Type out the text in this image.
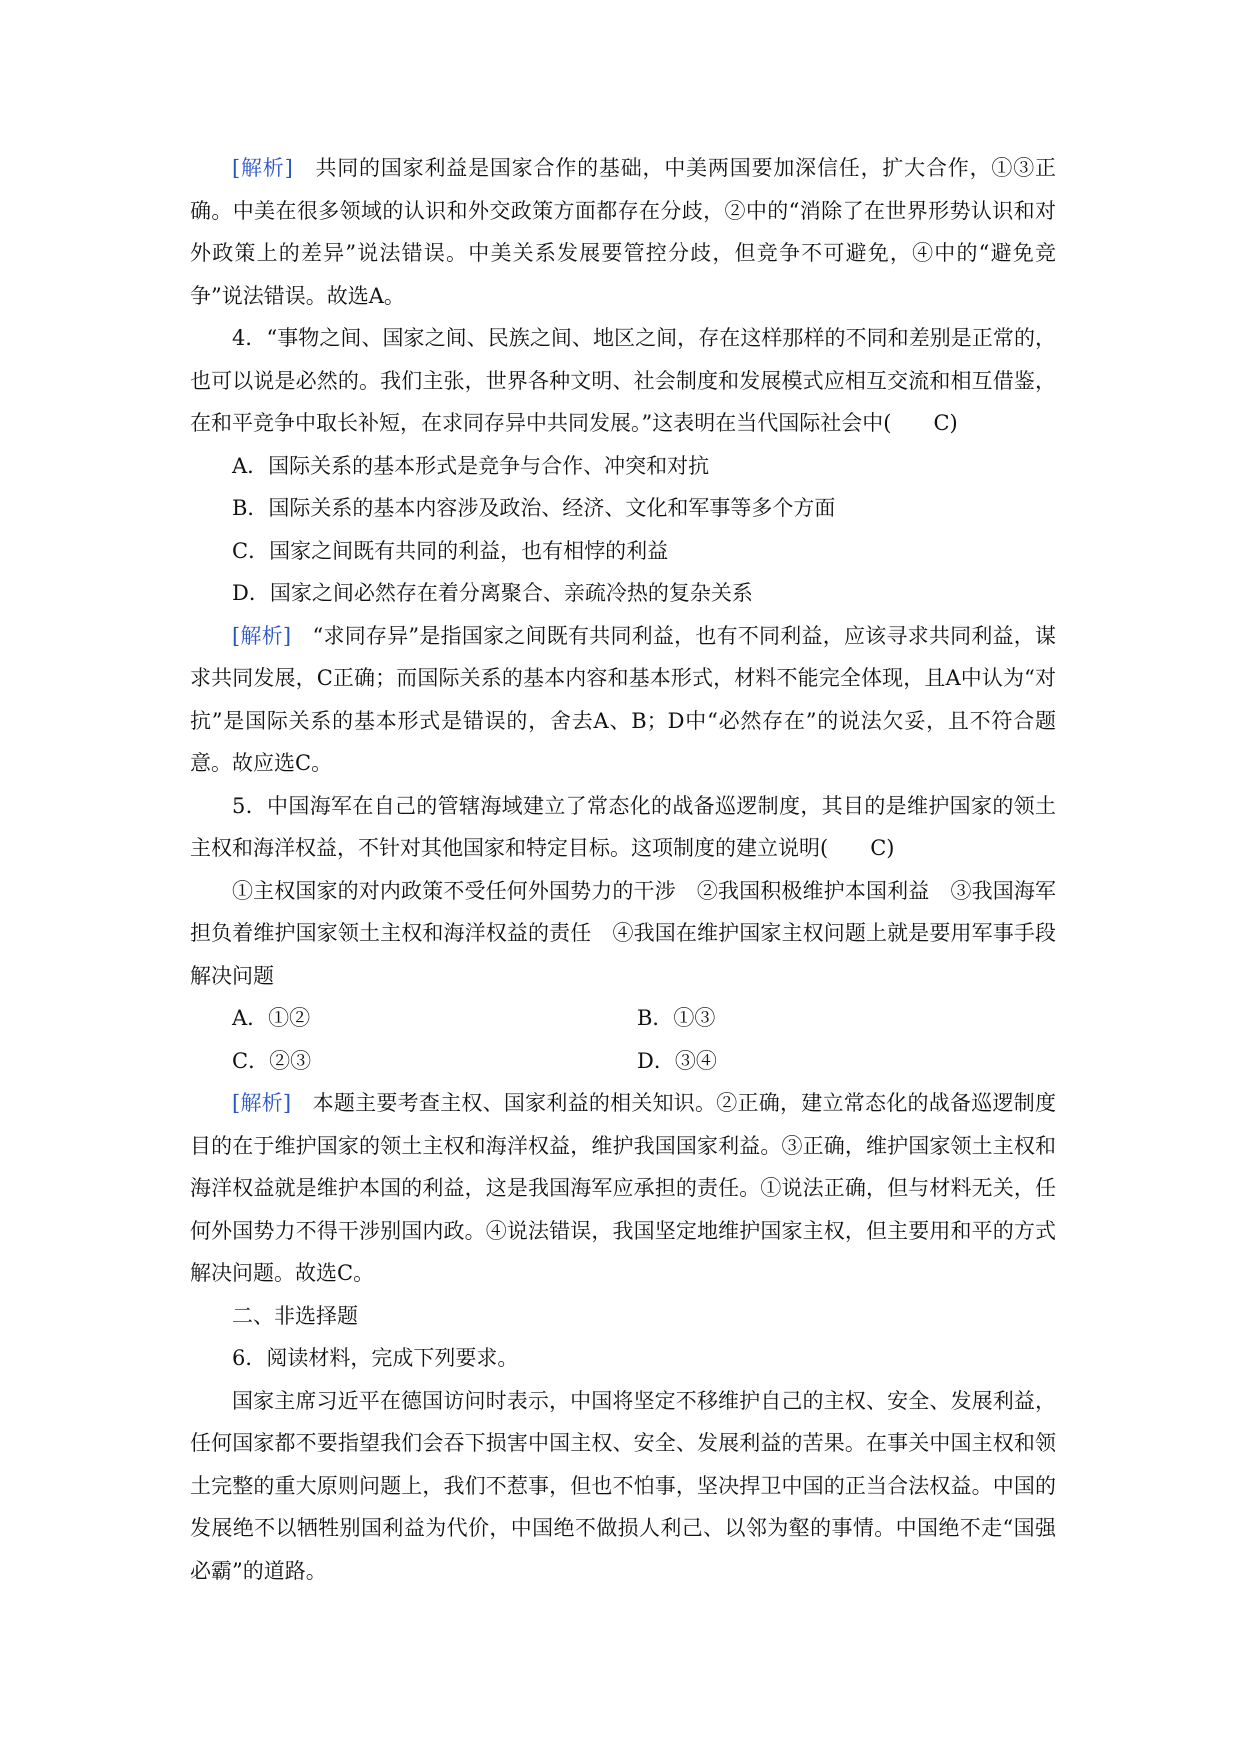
[解析]　 共同的国家利益是国家合作的基础，中美两国要加深信任，扩大合作，①③正确。中美在很多领域的认识和外交政策方面都存在分歧，②中的“消除了在世界形势认识和对外政策上的差异”说法错误。中美关系发展要管控分歧，但竞争不可避免，④中的“避免竞争”说法错误。故选A。

4．“事物之间、国家之间、民族之间、地区之间，存在这样那样的不同和差别是正常的，也可以说是必然的。我们主张，世界各种文明、社会制度和发展模式应相互交流和相互借鉴，在和平竞争中取长补短，在求同存异中共同发展。”这表明在当代国际社会中( C)

A．国际关系的基本形式是竞争与合作、冲突和对抗

B．国际关系的基本内容涉及政治、经济、文化和军事等多个方面

C．国家之间既有共同的利益，也有相悖的利益

D．国家之间必然存在着分离聚合、亲疏冷热的复杂关系

[解析]　 “求同存异”是指国家之间既有共同利益，也有不同利益，应该寻求共同利益，谋求共同发展，C正确；而国际关系的基本内容和基本形式，材料不能完全体现，且A中认为“对抗”是国际关系的基本形式是错误的，舍去A、B；D中“必然存在”的说法欠妥，且不符合题意。故应选C。

5．中国海军在自己的管辖海域建立了常态化的战备巡逻制度，其目的是维护国家的领土主权和海洋权益，不针对其他国家和特定目标。这项制度的建立说明( C)

①主权国家的对内政策不受任何外国势力的干涉　②我国积极维护本国利益　③我国海军担负着维护国家领土主权和海洋权益的责任　④我国在维护国家主权问题上就是要用军事手段解决问题

A．①②	B．①③
C．②③	D．③④

[解析]　 本题主要考查主权、国家利益的相关知识。②正确，建立常态化的战备巡逻制度目的在于维护国家的领土主权和海洋权益，维护我国国家利益。③正确，维护国家领土主权和海洋权益就是维护本国的利益，这是我国海军应承担的责任。①说法正确，但与材料无关，任何外国势力不得干涉别国内政。④说法错误，我国坚定地维护国家主权，但主要用和平的方式解决问题。故选C。

二、非选择题

6．阅读材料，完成下列要求。

国家主席习近平在德国访问时表示，中国将坚定不移维护自己的主权、安全、发展利益，任何国家都不要指望我们会吞下损害中国主权、安全、发展利益的苦果。在事关中国主权和领土完整的重大原则问题上，我们不惹事，但也不怕事，坚决捍卫中国的正当合法权益。中国的发展绝不以牺牲别国利益为代价，中国绝不做损人利己、以邻为壑的事情。中国绝不走“国强必霸”的道路。
